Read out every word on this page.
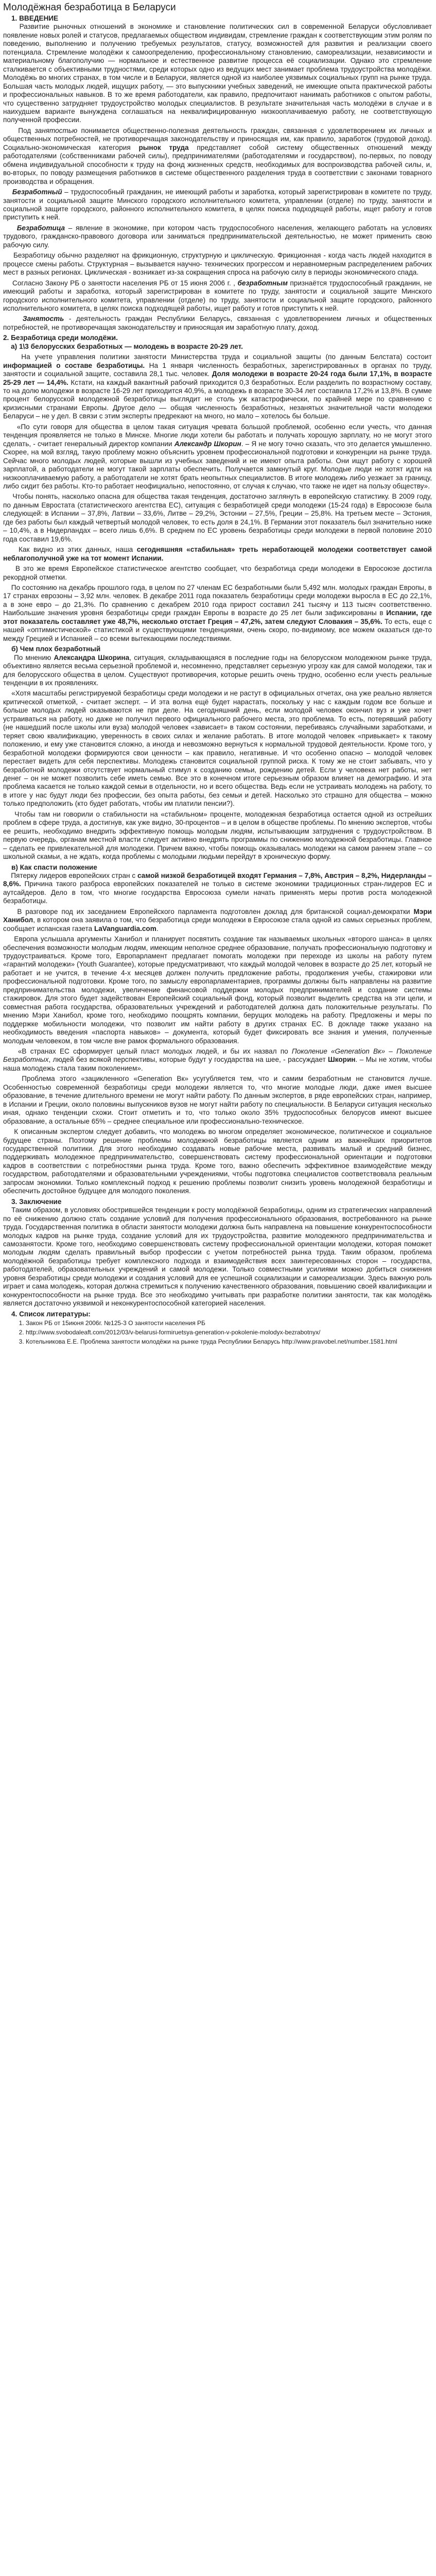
Молодёжная безработица в Беларуси
1. ВВЕДЕНИЕ

Развитие рыночных отношений в экономике и становление политических сил в современной Беларуси обусловливает появление новых ролей и статусов, предлагаемых обществом индивидам, стремление граждан к соответствующим этим ролям по поведению, выполнению и получению требуемых результатов, статусу, возможностей для развития и реализации своего потенциала. Стремление молодёжи к самоопределению, профессиональному становлению, самореализации, независимости и материальному благополучию — нормальное и естественное развитие процесса её социализации. Однако это стремление сталкивается с объективными трудностями, среди которых одно из ведущих мест занимает проблема трудоустройства молодёжи. Молодёжь во многих странах, в том числе и в Беларуси, является одной из наиболее уязвимых социальных групп на рынке труда. Большая часть молодых людей, ищущих работу, — это выпускники учебных заведений, не имеющие опыта практической работы и профессиональных навыков. В то же время работодатели, как правило, предпочитают нанимать работников с опытом работы, что существенно затрудняет трудоустройство молодых специалистов. В результате значительная часть молодёжи в случае и в наихудшем варианте вынуждена соглашаться на неквалифицированную низкооплачиваемую работу, не соответствующую полученной профессии.

Под занятостью понимается общественно-полезная деятельность граждан, связанная с удовлетворением их личных и общественных потребностей, не противоречащая законодательству и приносящая им, как правило, заработок (трудовой доход). Социально-экономическая категория рынок труда представляет собой систему общественных отношений между работодателями (собственниками рабочей силы), предпринимателями (работодателями и государством), по-первых, по поводу обмена индивидуальной способности к труду на фонд жизненных средств, необходимых для воспроизводства рабочей силы, и, во-вторых, по поводу размещения работников в системе общественного разделения труда в соответствии с законами товарного производства и обращения.

Безработный – трудоспособный гражданин, не имеющий работы и заработка, который зарегистрирован в комитете по труду, занятости и социальной защите Минского городского исполнительного комитета, управлении (отделе) по труду, занятости и социальной защите городского, районного исполнительного комитета, в целях поиска подходящей работы, ищет работу и готов приступить к ней.

Безработица – явление в экономике, при котором часть трудоспособного населения, желающего работать на условиях трудового, гражданско-правового договора или заниматься предпринимательской деятельностью, не может применить свою рабочую силу.

Безработицу обычно разделяют на фрикционную, структурную и циклическую. Фрикционная - когда часть людей находится в процессе смены работы. Структурная – вызывается научно- технических прогрессом и неравномерным распределением рабочих мест в разных регионах. Циклическая - возникает из-за сокращения спроса на рабочую силу в периоды экономического спада.

Согласно Закону РБ о занятости населения РБ от 15 июня 2006 г. , безработным признаётся трудоспособный гражданин, не имеющий работы и заработка, который зарегистрирован в комитете по труду, занятости и социальной защите Минского городского исполнительного комитета, управлении (отделе) по труду, занятости и социальной защите городского, районного исполнительного комитета, в целях поиска подходящей работы, ищет работу и готов приступить к ней.

Занятость - деятельность граждан Республики Беларусь, связанная с удовлетворением личных и общественных потребностей, не противоречащая законодательству и приносящая им заработную плату, доход.

2. Безработица среди молодёжи.

а) 1\3 белорусских безработных — молодежь в возрасте 20-29 лет.

На учете управления политики занятости Министерства труда и социальной защиты (по данным Белстата) состоит информацией о составе безработицы. На 1 января численность безработных, зарегистрированных в органах по труду, занятости и социальной защите, составила 28,1 тыс. человек. Доля молодежи в возрасте 20-24 года были 17,1%, в возрасте 25-29 лет — 14,4%. Кстати, на каждый вакантный рабочий приходится 0,3 безработных. Если разделить по возрастному составу, то на долю молодежи в возрасте 16-29 лет приходится 40,9%, а молодежь в возрасте 30-34 лет составила 17,2% и 13,8%. В сумме процент белорусской молодежной безработицы выглядит не столь уж катастрофически, по крайней мере по сравнению с кризисными странами Европы. Другое дело — общая численность безработных, незанятых значительной части молодежи Беларуси – не у дел. В связи с этим эксперты предрекают на много, но мало – хотелось бы больше.

«По сути говоря для общества в целом такая ситуация чревата большой проблемой, особенно если учесть, что данная тенденция проявляется не только в Минске. Многие люди хотели бы работать и получать хорошую зарплату, но не могут этого сделать, - считает генеральный директор компании Александр Шкорин. – Я не могу точно сказать, что это делается умышленно. Скорее, на мой взгляд, такую проблему можно объяснить уровнем профессиональной подготовки и конкуренции на рынке труда. Сейчас много молодых людей, которые вышли из учебных заведений и не имеют опыта работы. Они ищут работу с хорошей зарплатой, а работодатели не могут такой зарплаты обеспечить. Получается замкнутый круг. Молодые люди не хотят идти на низкооплачиваемую работу, а работодатели не хотят брать неопытных специалистов. В итоге молодежь либо уезжает за границу, либо сидит без работы. Кто-то работает неофициально, непостоянно, от случая к случаю, что также не идет на пользу обществу».

Чтобы понять, насколько опасна для общества такая тенденция, достаточно заглянуть в европейскую статистику. В 2009 году, по данным Евростата (статистического агентства ЕС), ситуация с безработицей среди молодежи (15-24 года) в Евросоюзе была следующей: в Испании – 37,8%, Латвии – 33,6%, Литве – 29,2%, Эстонии – 27,5%, Греции – 25,8%. На третьем месте – Эстония, где без работы был каждый четвертый молодой человек, то есть доля в 24,1%. В Германии этот показатель был значительно ниже – 10,4%, а в Нидерландах – всего лишь 6,6%. В среднем по ЕС уровень безработицы среди молодежи в первой половине 2010 года составил 19,6%.

Как видно из этих данных, наша сегодняшняя «стабильная» треть неработающей молодежи соответствует самой неблагополучной уже на тот момент Испании.

В это же время Европейское статистическое агентство сообщает, что безработица среди молодежи в Евросоюзе достигла рекордной отметки.

По состоянию на декабрь прошлого года, в целом по 27 членам ЕС безработными были 5,492 млн. молодых граждан Европы, в 17 странах еврозоны – 3,92 млн. человек. В декабре 2011 года показатель безработицы среди молодежи выросла в ЕС до 22,1%, а в зоне евро – до 21,3%. По сравнению с декабрем 2010 года прирост составил 241 тысячу и 113 тысяч соответственно. Наибольшие значения уровня безработицы среди граждан Европы в возрасте до 25 лет были зафиксированы в Испании, где этот показатель составляет уже 48,7%, несколько отстает Греция – 47,2%, затем следуют Словакия – 35,6%. То есть, еще с нашей «оптимистической» статистикой и существующими тенденциями, очень скоро, по-видимому, все можем оказаться где-то между Грецией и Испанией – со всеми вытекающими последствиями.

б) Чем плох безработный

По мнению Александра Шкорина, ситуация, складывающаяся в последние годы на белорусском молодежном рынке труда, объективно является весьма серьезной проблемой и, несомненно, представляет серьезную угрозу как для самой молодежи, так и для белорусского общества в целом. Существуют противоречия, которые решить очень трудно, особенно если учесть реальные тенденции в их проявлениях.

«Хотя масштабы регистрируемой безработицы среди молодежи и не растут в официальных отчетах, она уже реально является критической отметкой, - считает эксперт. – И эта волна ещё будет нарастать, поскольку у нас с каждым годом все больше и больше молодых людей оказываются не при деле. На сегодняшний день, если молодой человек окончил вуз и уже хочет устраиваться на работу, но даже не получил первого официального рабочего места, это проблема. То есть, потерявший работу (не нашедший после школы или вуза) молодой человек «зависает» в таком состоянии, перебиваясь случайными заработками, и теряет свою квалификацию, уверенность в своих силах и желание работать. В итоге молодой человек «привыкает» к такому положению, и ему уже становится сложно, а иногда и невозможно вернуться к нормальной трудовой деятельности. Кроме того, у безработной молодежи формируются свои ценности – как правило, негативные. И что особенно опасно – молодой человек перестает видеть для себя перспективы. Молодежь становится социальной группой риска. К тому же не стоит забывать, что у безработной молодежи отсутствует нормальный стимул к созданию семьи, рождению детей. Если у человека нет работы, нет денег – он не может позволить себе иметь семью. Все это в конечном итоге серьезным образом влияет на демографию. И эта проблема касается не только каждой семьи в отдельности, но и всего общества. Ведь если не устраивать молодежь на работу, то в итоге у нас будут люди без профессии, без опыта работы, без семьи и детей. Насколько это страшно для общества – можно только предположить (кто будет работать, чтобы им платили пенсии?).

Чтобы там ни говорили о стабильности на «стабильном» проценте, молодежная безработица остается одной из острейших проблем в сфере труда, а достигнув, как уже видно, 30-процентов – и в целом в обществе проблемы. По мнению экспертов, чтобы ее решить, необходимо внедрить эффективную помощь молодым людям, испытывающим затруднения с трудоустройством. В первую очередь, органам местной власти следует активно внедрять программы по снижению молодежной безработицы. Главное – сделать ее привлекательной для молодежи. Причем важно, чтобы помощь оказывалась молодежи на самом раннем этапе – со школьной скамьи, а не ждать, когда проблемы с молодыми людьми перейдут в хроническую форму.

в) Как спасти положение

Пятерку лидеров европейских стран с самой низкой безработицей входят Германия – 7,8%, Австрия – 8,2%, Нидерланды – 8,6%. Причина такого разброса европейских показателей не только в системе экономики традиционных стран-лидеров ЕС и аутсайдеров. Дело в том, что многие государства Евросоюза сумели начать применять меры против роста молодежной безработицы.

В разговоре под их заседанием Европейского парламента подготовлен доклад для британской социал-демократки Мэри Ханибол, в котором она заявила о том, что безработица среди молодежи в Евросоюзе стала одной из самых серьезных проблем, сообщает испанская газета LaVanguardia.com.

Европа услышала аргументы Ханибол и планирует посвятить создание так называемых школьных «второго шанса» в целях обеспечения возможности молодым людям, имеющим неполное среднее образование, получать профессиональную подготовку и трудоустраиваться. Кроме того, Европарламент предлагает помогать молодежи при переходе из школы на работу путем «гарантий молодежи» (Youth Guarantee), которые предусматривают, что каждый молодой человек в возрасте до 25 лет, который не работает и не учится, в течение 4-х месяцев должен получить предложение работы, продолжения учебы, стажировки или профессиональной подготовки. Кроме того, по замыслу европарламентариев, программы должны быть направлены на развитие предпринимательства молодежи, увеличение финансовой поддержки молодых предпринимателей и создание системы стажировок. Для этого будет задействован Европейский социальный фонд, который позволит выделить средства на эти цели, и совместная работа государства, образовательных учреждений и работодателей должна дать положительные результаты. По мнению Мэри Ханибол, кроме того, необходимо поощрять компании, берущих молодежь на работу. Предложены и меры по поддержке мобильности молодежи, что позволит им найти работу в других странах ЕС. В докладе также указано на необходимость введения «паспорта навыков» – документа, который будет фиксировать все знания и умения, полученные молодым человеком, в том числе вне рамок формального образования.

«В странах ЕС сформирует целый пласт молодых людей, и бы их назвал по Поколение «Generation Вк» – Поколение Безработных, людей без всякой перспективы, которые будут у государства на шее, - рассуждает Шкорин. – Мы не хотим, чтобы наша молодежь стала таким поколением».

Проблема этого «зацикленного «Generation Вк» усугубляется тем, что и самим безработным не становится лучше. Особенностью современной безработицы среди молодежи является то, что многие молодые люди, даже имея высшее образование, в течение длительного времени не могут найти работу. По данным экспертов, в ряде европейских стран, например, в Испании и Греции, около половины выпускников вузов не могут найти работу по специальности. В Беларуси ситуация несколько иная, однако тенденции схожи. Стоит отметить и то, что только около 35% трудоспособных белорусов имеют высшее образование, а остальные 65% – среднее специальное или профессионально-техническое.

К описанным экспертом следует добавить, что молодежь во многом определяет экономическое, политическое и социальное будущее страны. Поэтому решение проблемы молодежной безработицы является одним из важнейших приоритетов государственной политики. Для этого необходимо создавать новые рабочие места, развивать малый и средний бизнес, поддерживать молодежное предпринимательство, совершенствовать систему профессиональной ориентации и подготовки кадров в соответствии с потребностями рынка труда. Кроме того, важно обеспечить эффективное взаимодействие между государством, работодателями и образовательными учреждениями, чтобы подготовка специалистов соответствовала реальным запросам экономики. Только комплексный подход к решению проблемы позволит снизить уровень молодежной безработицы и обеспечить достойное будущее для молодого поколения.

3. Заключение

Таким образом, в условиях обострившейся тенденции к росту молодёжной безработицы, одним из стратегических направлений по её снижению должно стать создание условий для получения профессионального образования, востребованного на рынке труда. Государственная политика в области занятости молодежи должна быть направлена на повышение конкурентоспособности молодых кадров на рынке труда, создание условий для их трудоустройства, развитие молодежного предпринимательства и самозанятости. Кроме того, необходимо совершенствовать систему профессиональной ориентации молодежи, которая поможет молодым людям сделать правильный выбор профессии с учетом потребностей рынка труда. Таким образом, проблема молодёжной безработицы требует комплексного подхода и взаимодействия всех заинтересованных сторон – государства, работодателей, образовательных учреждений и самой молодежи. Только совместными усилиями можно добиться снижения уровня безработицы среди молодежи и создания условий для ее успешной социализации и самореализации. Здесь важную роль играет и сама молодежь, которая должна стремиться к получению качественного образования, повышению своей квалификации и конкурентоспособности на рынке труда. Все это необходимо учитывать при разработке политики занятости, так как молодёжь является достаточно уязвимой и неконкурентоспособной категорией населения.

4. Список литературы:
1. Закон РБ от 15июня 2006г. №125-3 О занятости населения РБ
2. http://www.svobodaleaft.com/2012/03/v-belarusi-formiruetsya-generation-v-pokolenie-molodyx-bezrabotnyx/
3. Котельникова Е.Е. Проблема занятости молодёжи на рынке труда Республики Беларусь http://www.pravobel.net/number.1581.html
